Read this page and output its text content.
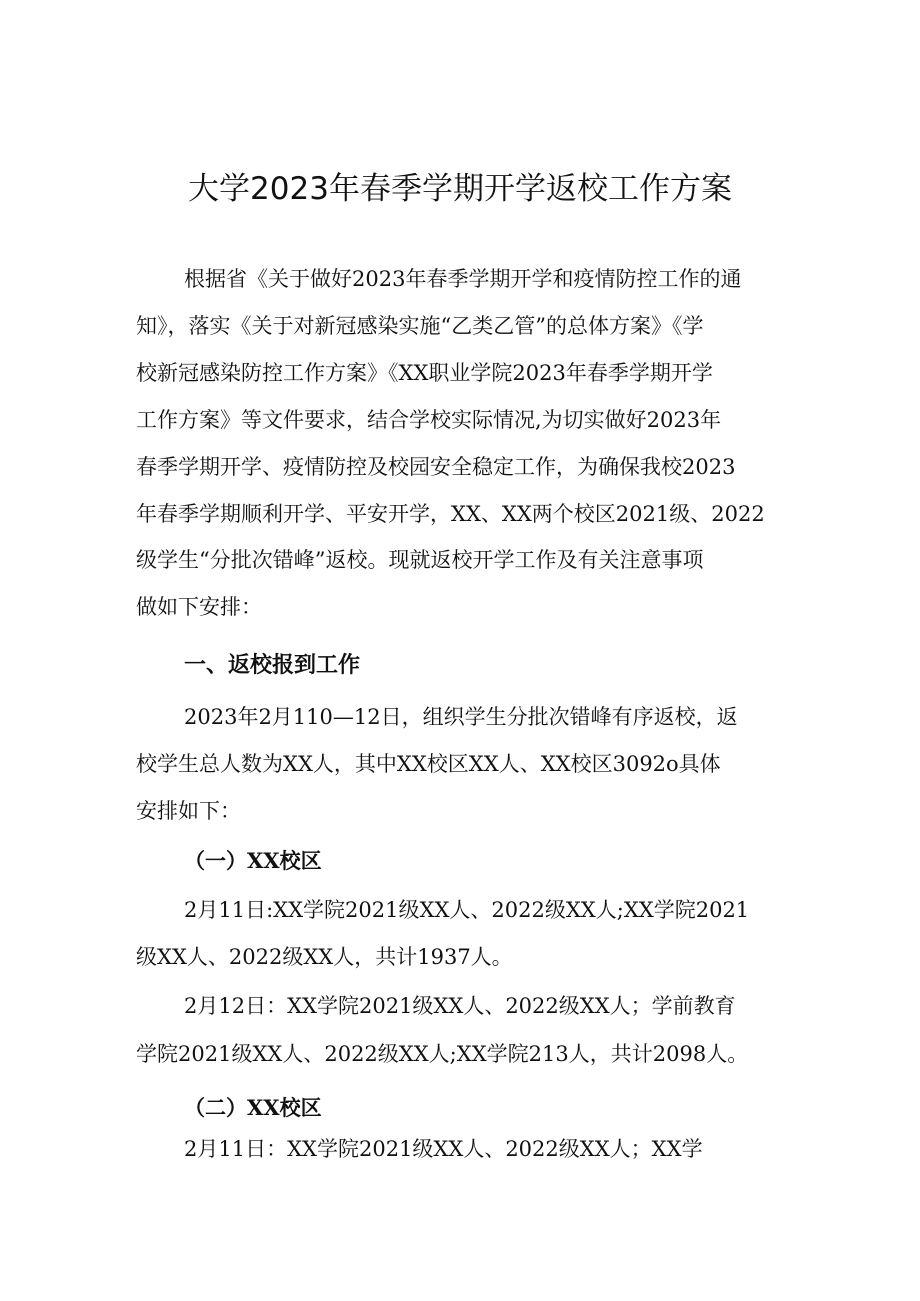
大学2023年春季学期开学返校工作方案

根据省《关于做好2023年春季学期开学和疫情防控工作的通

知》，落实《关于对新冠感染实施“乙类乙管”的总体方案》《学

校新冠感染防控工作方案》《XX职业学院2023年春季学期开学

工作方案》等文件要求，结合学校实际情况,为切实做好2023年

春季学期开学、疫情防控及校园安全稳定工作，为确保我校2023

年春季学期顺利开学、平安开学，XX、XX两个校区2021级、2022

级学生“分批次错峰”返校。现就返校开学工作及有关注意事项

做如下安排：

一、返校报到工作

2023年2月110—12日，组织学生分批次错峰有序返校，返

校学生总人数为XX人，其中XX校区XX人、XX校区3092o具体

安排如下：

（一）XX校区

2月11日:XX学院2021级XX人、2022级XX人;XX学院2021

级XX人、2022级XX人，共计1937人。

2月12日：XX学院2021级XX人、2022级XX人；学前教育

学院2021级XX人、2022级XX人;XX学院213人，共计2098人。

（二）XX校区

2月11日：XX学院2021级XX人、2022级XX人；XX学
